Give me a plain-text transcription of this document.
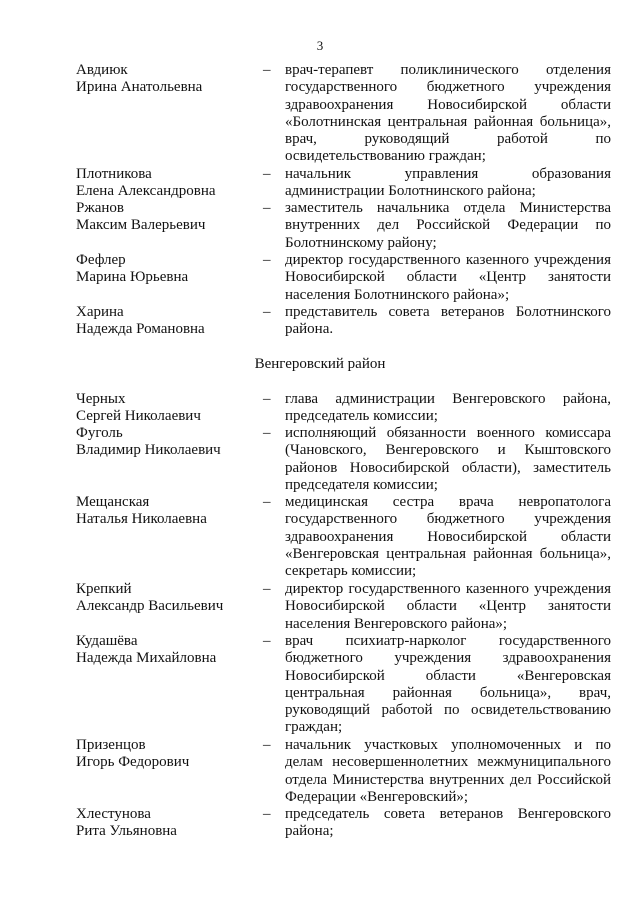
3
Авдиюк
Ирина Анатольевна
– врач-терапевт поликлинического отделения государственного бюджетного учреждения здравоохранения Новосибирской области «Болотнинская центральная районная больница», врач, руководящий работой по освидетельствованию граждан;
Плотникова
Елена Александровна
– начальник управления образования администрации Болотнинского района;
Ржанов
Максим Валерьевич
– заместитель начальника отдела Министерства внутренних дел Российской Федерации по Болотнинскому району;
Фефлер
Марина Юрьевна
– директор государственного казенного учреждения Новосибирской области «Центр занятости населения Болотнинского района»;
Харина
Надежда Романовна
– представитель совета ветеранов Болотнинского района.
Венгеровский район
Черных
Сергей Николаевич
– глава администрации Венгеровского района, председатель комиссии;
Фуголь
Владимир Николаевич
– исполняющий обязанности военного комиссара (Чановского, Венгеровского и Кыштовского районов Новосибирской области), заместитель председателя комиссии;
Мещанская
Наталья Николаевна
– медицинская сестра врача невропатолога государственного бюджетного учреждения здравоохранения Новосибирской области «Венгеровская центральная районная больница», секретарь комиссии;
Крепкий
Александр Васильевич
– директор государственного казенного учреждения Новосибирской области «Центр занятости населения Венгеровского района»;
Кудашёва
Надежда Михайловна
– врач психиатр-нарколог государственного бюджетного учреждения здравоохранения Новосибирской области «Венгеровская центральная районная больница», врач, руководящий работой по освидетельствованию граждан;
Призенцов
Игорь Федорович
– начальник участковых уполномоченных и по делам несовершеннолетних межмуниципального отдела Министерства внутренних дел Российской Федерации «Венгеровский»;
Хлестунова
Рита Ульяновна
– председатель совета ветеранов Венгеровского района;
